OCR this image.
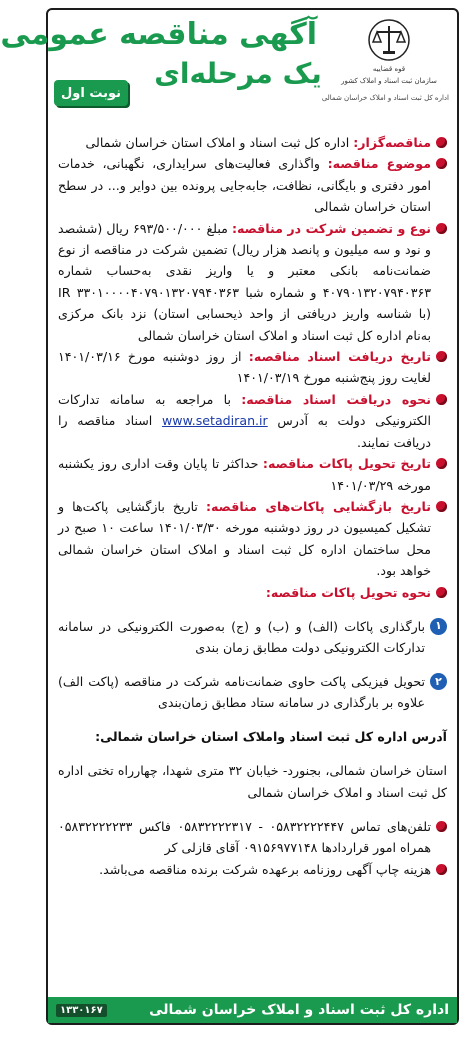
قوه قضاییه
سازمان ثبت اسناد و املاک کشور
اداره کل ثبت اسناد و املاک خراسان شمالی
آگهی مناقصه عمومی
یک مرحله‌ای
نوبت اول

مناقصه‌گزار: اداره کل ثبت اسناد و املاک استان خراسان شمالی

موضوع مناقصه: واگذاری فعالیت‌های سرایداری، نگهبانی، خدمات امور دفتری و بایگانی، نظافت، جابه‌جایی پرونده بین دوایر و... در سطح استان خراسان شمالی

نوع و تضمین شرکت در مناقصه: مبلغ ۶۹۳/۵۰۰/۰۰۰ ریال (ششصد و نود و سه میلیون و پانصد هزار ریال) تضمین شرکت در مناقصه از نوع ضمانت‌نامه بانکی معتبر و یا واریز نقدی به‌حساب شماره ۴۰۷۹۰۱۳۲۰۷۹۴۰۳۶۳ و شماره شبا IR ۳۳۰۱۰۰۰۰۴۰۷۹۰۱۳۲۰۷۹۴۰۳۶۳ (با شناسه واریز دریافتی از واحد ذیحسابی استان) نزد بانک مرکزی به‌نام اداره کل ثبت اسناد و املاک استان خراسان شمالی

تاریخ دریافت اسناد مناقصه: از روز دوشنبه مورخ ۱۴۰۱/۰۳/۱۶ لغایت روز پنج‌شنبه مورخ ۱۴۰۱/۰۳/۱۹

نحوه دریافت اسناد مناقصه: با مراجعه به سامانه تدارکات الکترونیکی دولت به آدرس www.setadiran.ir اسناد مناقصه را دریافت نمایند.

تاریخ تحویل پاکات مناقصه: حداکثر تا پایان وقت اداری روز یکشنبه مورخه ۱۴۰۱/۰۳/۲۹

تاریخ بازگشایی پاکات‌های مناقصه: تاریخ بازگشایی پاکت‌ها و تشکیل کمیسیون در روز دوشنبه مورخه ۱۴۰۱/۰۳/۳۰ ساعت ۱۰ صبح در محل ساختمان اداره کل ثبت اسناد و املاک استان خراسان شمالی خواهد بود.

نحوه تحویل پاکات مناقصه:

۱
بارگذاری پاکات (الف) و (ب) و (ج) به‌صورت الکترونیکی در سامانه تدارکات الکترونیکی دولت مطابق زمان بندی

۲
تحویل فیزیکی پاکت حاوی ضمانت‌نامه شرکت در مناقصه (پاکت الف) علاوه بر بارگذاری در سامانه ستاد مطابق زمان‌بندی

آدرس اداره کل ثبت اسناد واملاک استان خراسان شمالی:

استان خراسان شمالی، بجنورد- خیابان ۳۲ متری شهدا، چهارراه تختی اداره کل ثبت اسناد و املاک خراسان شمالی

تلفن‌های تماس ۰۵۸۳۲۲۲۲۴۴۷ - ۰۵۸۳۲۲۲۲۳۱۷ فاکس ۰۵۸۳۲۲۲۲۲۳۳ همراه امور قراردادها ۰۹۱۵۶۹۷۷۱۴۸ آقای قازلی کر

هزینه چاپ آگهی روزنامه برعهده شرکت برنده مناقصه می‌باشد.

اداره کل ثبت اسناد و املاک خراسان شمالی
۱۳۳۰۱۶۷
